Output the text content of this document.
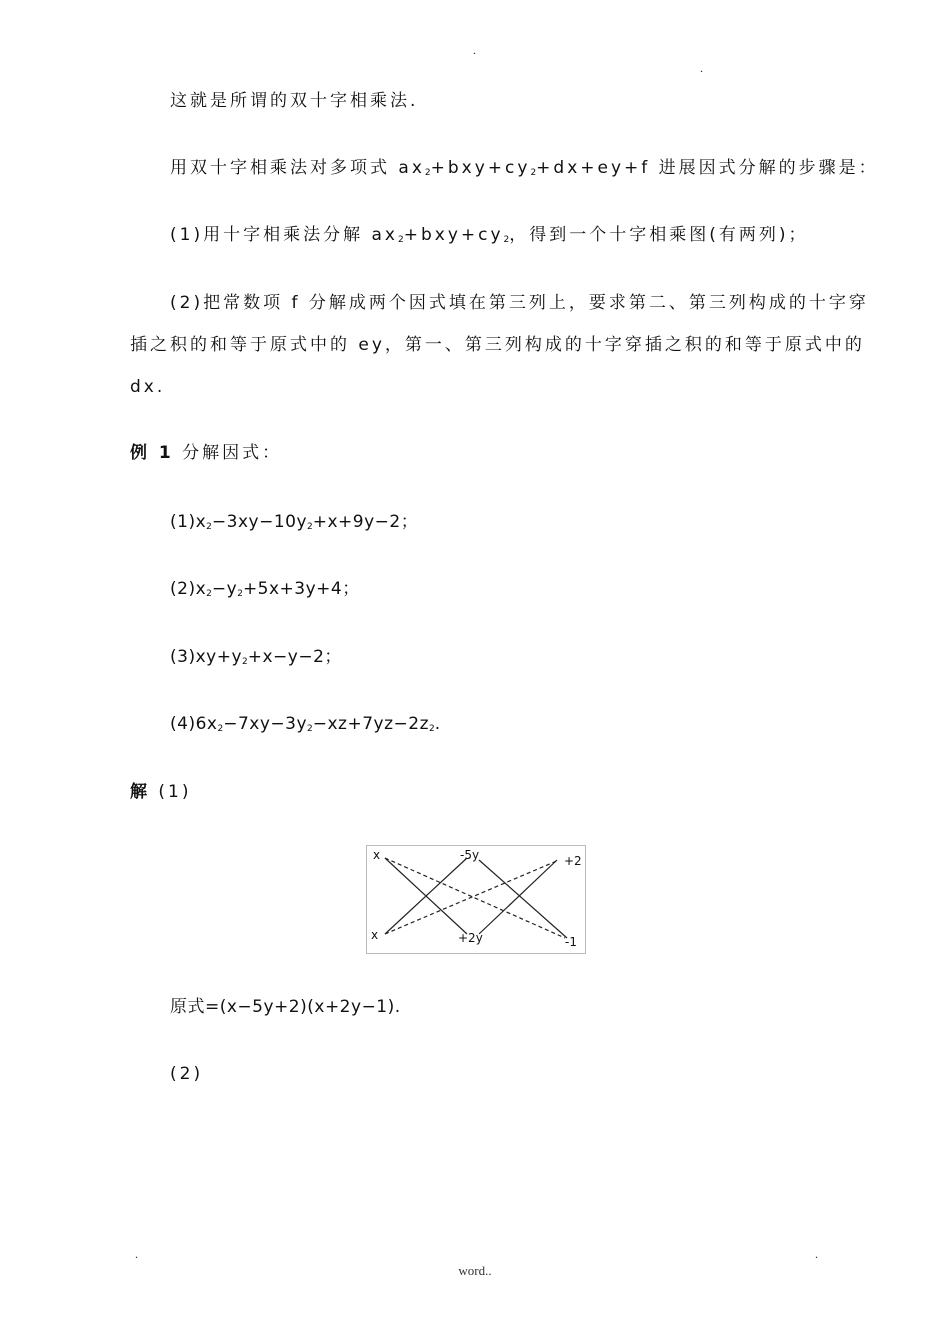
.
.
这就是所谓的双十字相乘法.
用双十字相乘法对多项式 $ax_2+bxy+cy_2+dx+ey+f$ 进展因式分解的步骤是：
(1)用十字相乘法分解 $ax_2+bxy+cy_2$，得到一个十字相乘图(有两列)；
(2)把常数项 f 分解成两个因式填在第三列上，要求第二、第三列构成的十字穿
插之积的和等于原式中的 ey，第一、第三列构成的十字穿插之积的和等于原式中的
dx.
例 1 分解因式：
$(1)x_2-3xy-10y_2+x+9y-2$；
$(2)x_2-y_2+5x+3y+4$；
$(3)xy+y_2+x-y-2$；
$(4)6x_2-7xy-3y_2-xz+7yz-2z_2$.
解 (1)
x	-5y	+2
x	+2y	-1
原式=(x−5y+2)(x+2y−1).
(2)
.
word..
.
